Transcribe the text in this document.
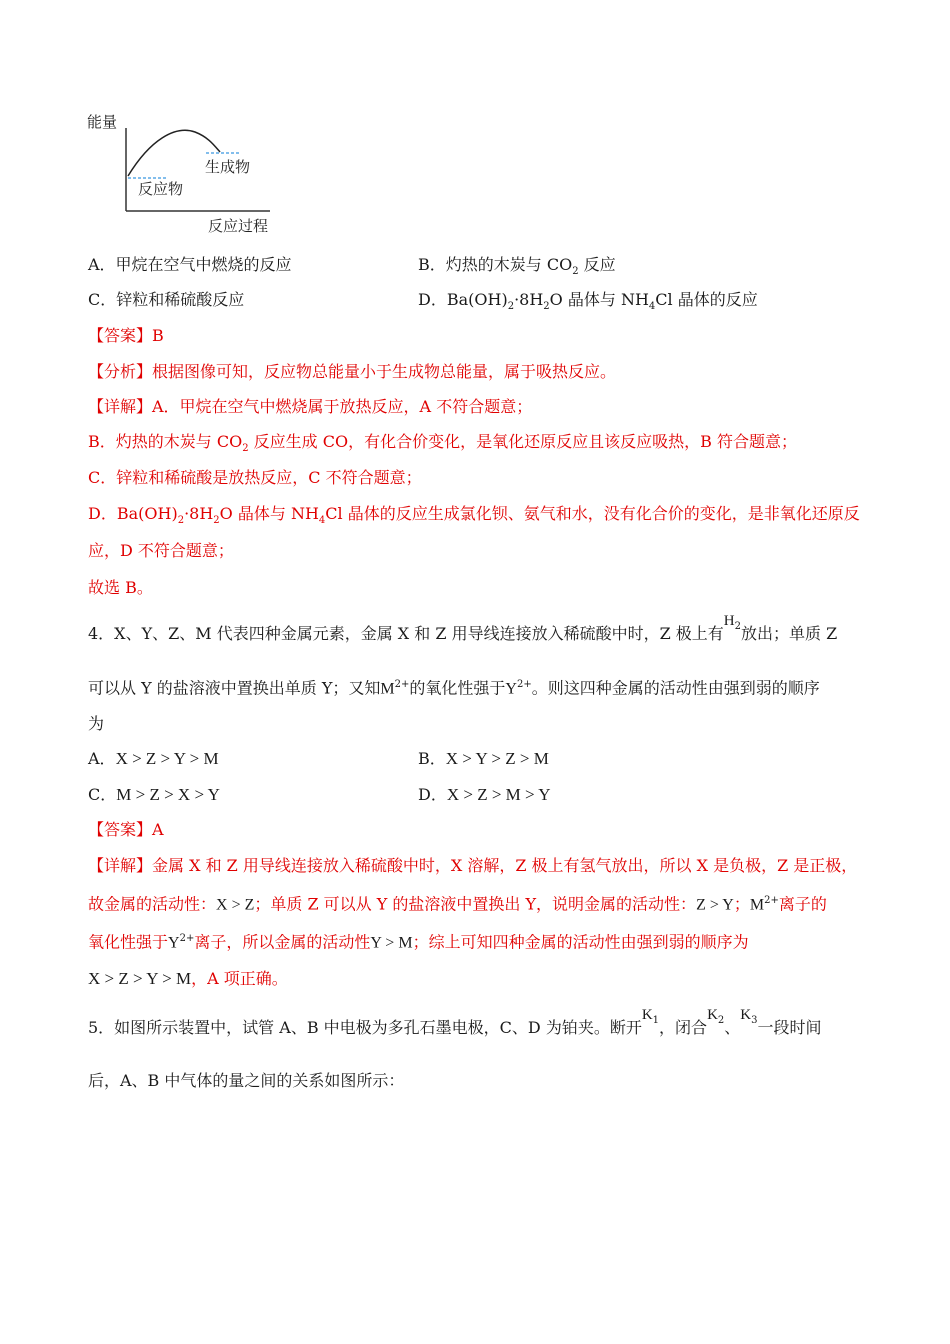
能量
生成物
反应物
反应过程
A．甲烷在空气中燃烧的反应	B．灼热的木炭与 $CO_2$ 反应
C．锌粒和稀硫酸反应	D．$Ba(OH)_2\cdot 8H_2O$ 晶体与 $NH_4Cl$ 晶体的反应
【答案】B
【分析】根据图像可知，反应物总能量小于生成物总能量，属于吸热反应。
【详解】A．甲烷在空气中燃烧属于放热反应，A 不符合题意；
B．灼热的木炭与 $CO_2$ 反应生成 CO，有化合价变化，是氧化还原反应且该反应吸热，B 符合题意；
C．锌粒和稀硫酸是放热反应，C 不符合题意；
D．$Ba(OH)_2\cdot 8H_2O$ 晶体与 $NH_4Cl$ 晶体的反应生成氯化钡、氨气和水，没有化合价的变化，是非氧化还原反
应，D 不符合题意；
故选 B。
4．X、Y、Z、M 代表四种金属元素，金属 X 和 Z 用导线连接放入稀硫酸中时，Z 极上有H2放出；单质 Z
可以从 Y 的盐溶液中置换出单质 Y；又知$M^{2+}$的氧化性强于$Y^{2+}$。则这四种金属的活动性由强到弱的顺序
为
A．X > Z > Y > M	B．X > Y > Z > M
C．M > Z > X > Y	D．X > Z > M > Y
【答案】A
【详解】金属 X 和 Z 用导线连接放入稀硫酸中时，X 溶解，Z 极上有氢气放出，所以 X 是负极，Z 是正极，
故金属的活动性：X > Z；单质 Z 可以从 Y 的盐溶液中置换出 Y，说明金属的活动性：Z > Y；$M^{2+}$离子的
氧化性强于$Y^{2+}$离子，所以金属的活动性Y > M；综上可知四种金属的活动性由强到弱的顺序为
X > Z > Y > M，A 项正确。
5．如图所示装置中，试管 A、B 中电极为多孔石墨电极，C、D 为铂夹。断开K1，闭合K2、K3一段时间
后，A、B 中气体的量之间的关系如图所示：
